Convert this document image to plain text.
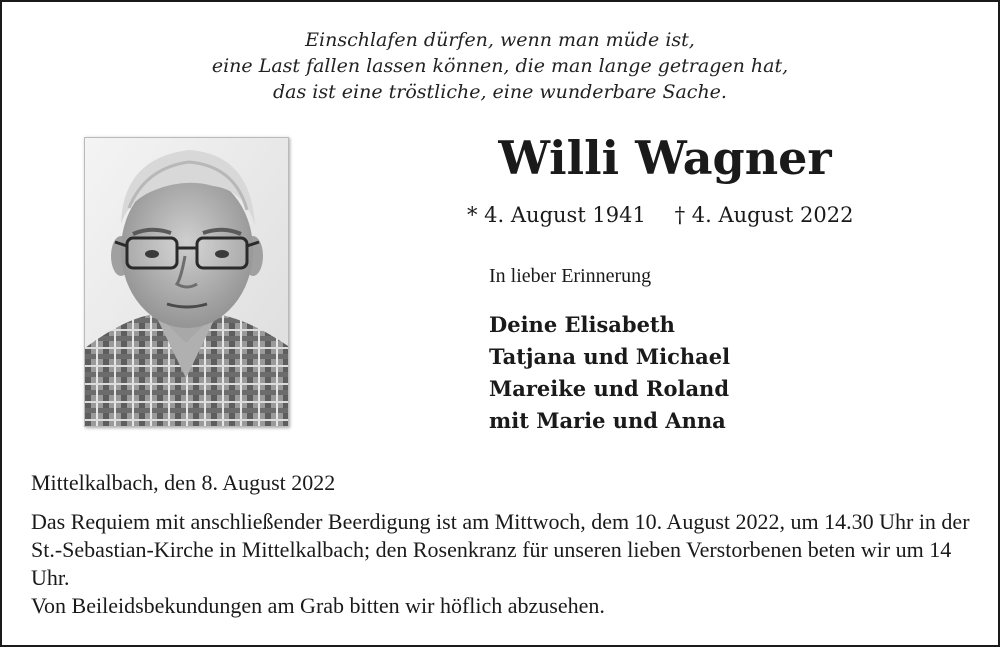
Einschlafen dürfen, wenn man müde ist,
eine Last fallen lassen können, die man lange getragen hat,
das ist eine tröstliche, eine wunderbare Sache.
Willi Wagner
* 4. August 1941 † 4. August 2022
In lieber Erinnerung
Deine Elisabeth
Tatjana und Michael
Mareike und Roland
mit Marie und Anna
Mittelkalbach, den 8. August 2022

Das Requiem mit anschließender Beerdigung ist am Mittwoch, dem 10. August 2022, um 14.30 Uhr in der St.-Sebastian-Kirche in Mittelkalbach; den Rosenkranz für unseren lieben Verstorbenen beten wir um 14 Uhr.

Von Beileidsbekundungen am Grab bitten wir höflich abzusehen.
